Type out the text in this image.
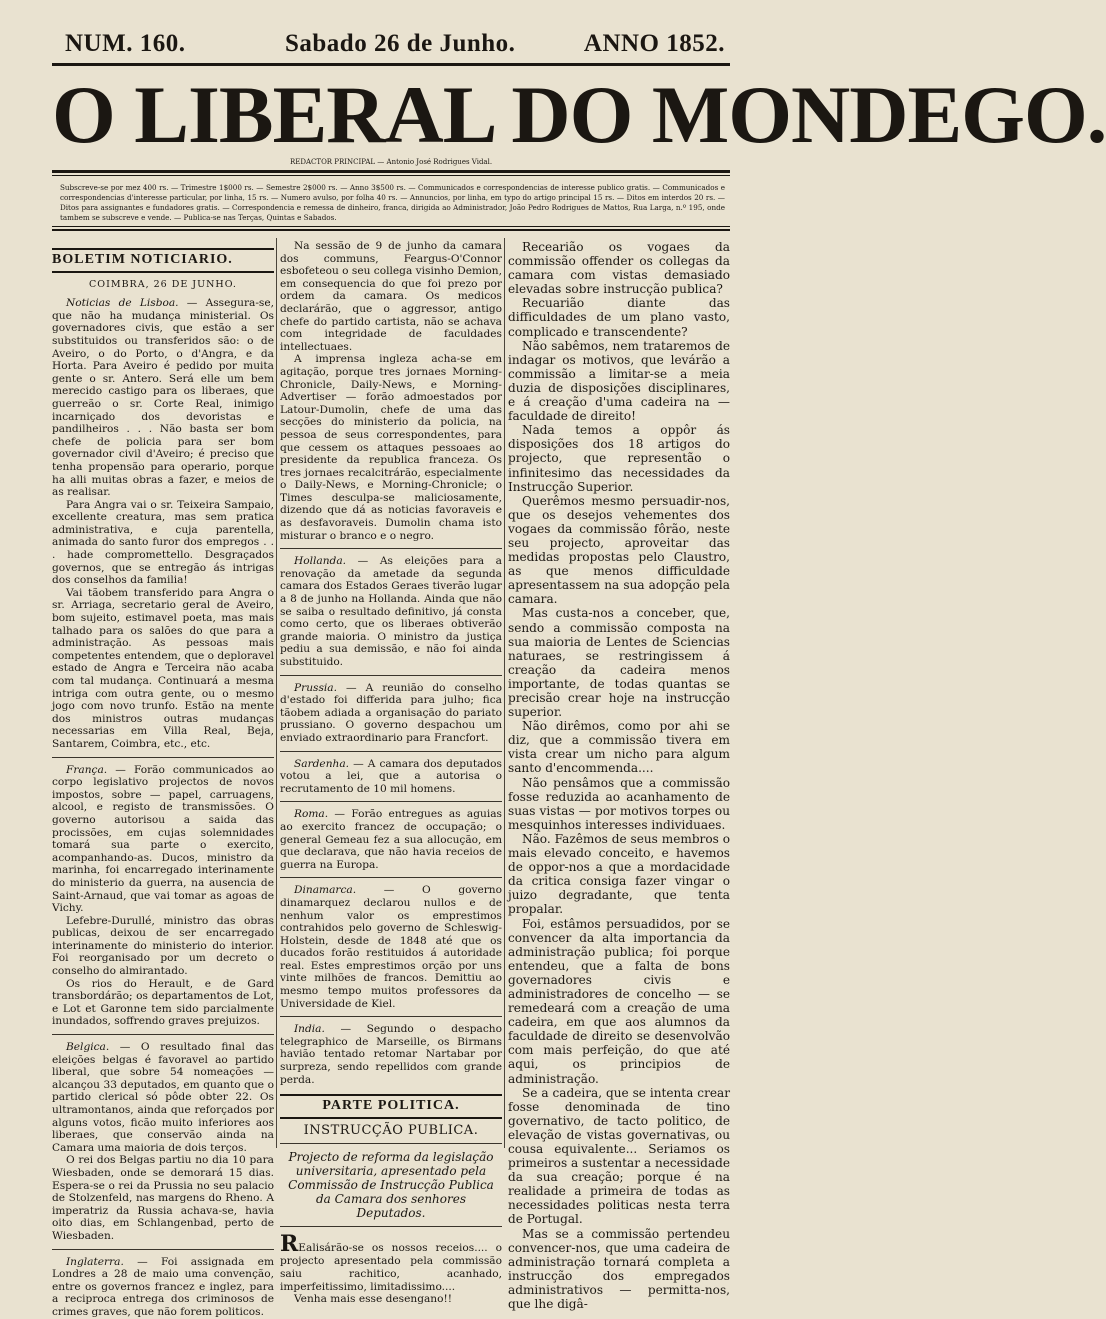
NUM. 160.	Sabado 26 de Junho.	ANNO 1852.
O LIBERAL DO MONDEGO.
REDACTOR PRINCIPAL — Antonio José Rodrigues Vidal.
Subscreve-se por mez 400 rs. — Trimestre 1$000 rs. — Semestre 2$000 rs. — Anno 3$500 rs. — Communicados e correspondencias de interesse publico gratis. — Communicados e correspondencias d'interesse particular, por linha, 15 rs. — Numero avulso, por folha 40 rs. — Annuncios, por linha, em typo do artigo principal 15 rs. — Ditos em interdos 20 rs. — Ditos para assignantes e fundadores gratis. — Correspondencia e remessa de dinheiro, franca, dirigida ao Administrador, João Pedro Rodrigues de Mattos, Rua Larga, n.º 195, onde tambem se subscreve e vende. — Publica-se nas Terças, Quintas e Sabados.
BOLETIM NOTICIARIO.
COIMBRA, 26 DE JUNHO.

Noticias de Lisboa. — Assegura-se, que não ha mudança ministerial. Os governadores civis, que estão a ser substituidos ou transferidos são: o de Aveiro, o do Porto, o d'Angra, e da Horta. Para Aveiro é pedido por muita gente o sr. Antero. Será elle um bem merecido castigo para os liberaes, que guerreão o sr. Corte Real, inimigo incarniçado dos devoristas e pandilheiros . . . Não basta ser bom chefe de policia para ser bom governador civil d'Aveiro; é preciso que tenha propensão para operario, porque ha alli muitas obras a fazer, e meios de as realisar.

Para Angra vai o sr. Teixeira Sampaio, excellente creatura, mas sem pratica administrativa, e cuja parentella, animada do santo furor dos empregos . . . hade compromettello. Desgraçados governos, que se entregão ás intrigas dos conselhos da familia!

Vai tãobem transferido para Angra o sr. Arriaga, secretario geral de Aveiro, bom sujeito, estimavel poeta, mas mais talhado para os salões do que para a administração. As pessoas mais competentes entendem, que o deploravel estado de Angra e Terceira não acaba com tal mudança. Continuará a mesma intriga com outra gente, ou o mesmo jogo com novo trunfo. Estão na mente dos ministros outras mudanças necessarias em Villa Real, Beja, Santarem, Coimbra, etc., etc.

França. — Forão communicados ao corpo legislativo projectos de novos impostos, sobre — papel, carruagens, alcool, e registo de transmissões. O governo autorisou a saida das procissões, em cujas solemnidades tomará sua parte o exercito, acompanhando-as. Ducos, ministro da marinha, foi encarregado interinamente do ministerio da guerra, na ausencia de Saint-Arnaud, que vai tomar as agoas de Vichy.

Lefebre-Durullé, ministro das obras publicas, deixou de ser encarregado interinamente do ministerio do interior. Foi reorganisado por um decreto o conselho do almirantado.

Os rios do Herault, e de Gard transbordárão; os departamentos de Lot, e Lot et Garonne tem sido parcialmente inundados, soffrendo graves prejuizos.

Belgica. — O resultado final das eleições belgas é favoravel ao partido liberal, que sobre 54 nomeações — alcançou 33 deputados, em quanto que o partido clerical só pôde obter 22. Os ultramontanos, ainda que reforçados por alguns votos, ficão muito inferiores aos liberaes, que conservão ainda na Camara uma maioria de dois terços.

O rei dos Belgas partiu no dia 10 para Wiesbaden, onde se demorará 15 dias. Espera-se o rei da Prussia no seu palacio de Stolzenfeld, nas margens do Rheno. A imperatriz da Russia achava-se, havia oito dias, em Schlangenbad, perto de Wiesbaden.

Inglaterra. — Foi assignada em Londres a 28 de maio uma convenção, entre os governos francez e inglez, para a reciproca entrega dos criminosos de crimes graves, que não forem politicos.

Na sessão de 9 de junho da camara dos communs, Feargus-O'Connor esbofeteou o seu collega visinho Demion, em consequencia do que foi prezo por ordem da camara. Os medicos declarárão, que o aggressor, antigo chefe do partido cartista, não se achava com integridade de faculdades intellectuaes.

A imprensa ingleza acha-se em agitação, porque tres jornaes Morning-Chronicle, Daily-News, e Morning-Advertiser — forão admoestados por Latour-Dumolin, chefe de uma das secções do ministerio da policia, na pessoa de seus correspondentes, para que cessem os attaques pessoaes ao presidente da republica franceza. Os tres jornaes recalcitrárão, especialmente o Daily-News, e Morning-Chronicle; o Times desculpa-se maliciosamente, dizendo que dá as noticias favoraveis e as desfavoraveis. Dumolin chama isto misturar o branco e o negro.

Hollanda. — As eleições para a renovação da ametade da segunda camara dos Estados Geraes tiverão lugar a 8 de junho na Hollanda. Ainda que não se saiba o resultado definitivo, já consta como certo, que os liberaes obtiverão grande maioria. O ministro da justiça pediu a sua demissão, e não foi ainda substituido.

Prussia. — A reunião do conselho d'estado foi differida para julho; fica tãobem adiada a organisação do pariato prussiano. O governo despachou um enviado extraordinario para Francfort.

Sardenha. — A camara dos deputados votou a lei, que a autorisa o recrutamento de 10 mil homens.

Roma. — Forão entregues as aguias ao exercito francez de occupação; o general Gemeau fez a sua allocução, em que declarava, que não havia receios de guerra na Europa.

Dinamarca. — O governo dinamarquez declarou nullos e de nenhum valor os emprestimos contrahidos pelo governo de Schleswig-Holstein, desde de 1848 até que os ducados forão restituidos á autoridade real. Estes emprestimos orção por uns vinte milhões de francos. Demittiu ao mesmo tempo muitos professores da Universidade de Kiel.

India. — Segundo o despacho telegraphico de Marseille, os Birmans havião tentado retomar Nartabar por surpreza, sendo repellidos com grande perda.

PARTE POLITICA.
INSTRUCÇÃO PUBLICA.
Projecto de reforma da legislação universitaria, apresentado pela Commissão de Instrucção Publica da Camara dos senhores Deputados.

REalisárão-se os nossos receios.... o projecto apresentado pela commissão saiu rachitico, acanhado, imperfeitissimo, limitadissimo....

Venha mais esse desengano!!

Recearião os vogaes da commissão offender os collegas da camara com vistas demasiado elevadas sobre instrucção publica?

Recuarião diante das difficuldades de um plano vasto, complicado e transcendente?

Não sabêmos, nem trataremos de indagar os motivos, que levárão a commissão a limitar-se a meia duzia de disposições disciplinares, e á creação d'uma cadeira na — faculdade de direito!

Nada temos a oppôr ás disposições dos 18 artigos do projecto, que representão o infinitesimo das necessidades da Instrucção Superior.

Querêmos mesmo persuadir-nos, que os desejos vehementes dos vogaes da commissão fôrão, neste seu projecto, aproveitar das medidas propostas pelo Claustro, as que menos difficuldade apresentassem na sua adopção pela camara.

Mas custa-nos a conceber, que, sendo a commissão composta na sua maioria de Lentes de Sciencias naturaes, se restringissem á creação da cadeira menos importante, de todas quantas se precisão crear hoje na instrucção superior.

Não dirêmos, como por ahi se diz, que a commissão tivera em vista crear um nicho para algum santo d'encommenda....

Não pensâmos que a commissão fosse reduzida ao acanhamento de suas vistas — por motivos torpes ou mesquinhos interesses individuaes.

Não. Fazêmos de seus membros o mais elevado conceito, e havemos de oppor-nos a que a mordacidade da critica consiga fazer vingar o juizo degradante, que tenta propalar.

Foi, estâmos persuadidos, por se convencer da alta importancia da administração publica; foi porque entendeu, que a falta de bons governadores civis e administradores de concelho — se remedeará com a creação de uma cadeira, em que aos alumnos da faculdade de direito se desenvolvão com mais perfeição, do que até aqui, os principios de administração.

Se a cadeira, que se intenta crear fosse denominada de tino governativo, de tacto politico, de elevação de vistas governativas, ou cousa equivalente... Seriamos os primeiros a sustentar a necessidade da sua creação; porque é na realidade a primeira de todas as necessidades politicas nesta terra de Portugal.

Mas se a commissão pertendeu convencer-nos, que uma cadeira de administração tornará completa a instrucção dos empregados administrativos — permitta-nos, que lhe digâ-
